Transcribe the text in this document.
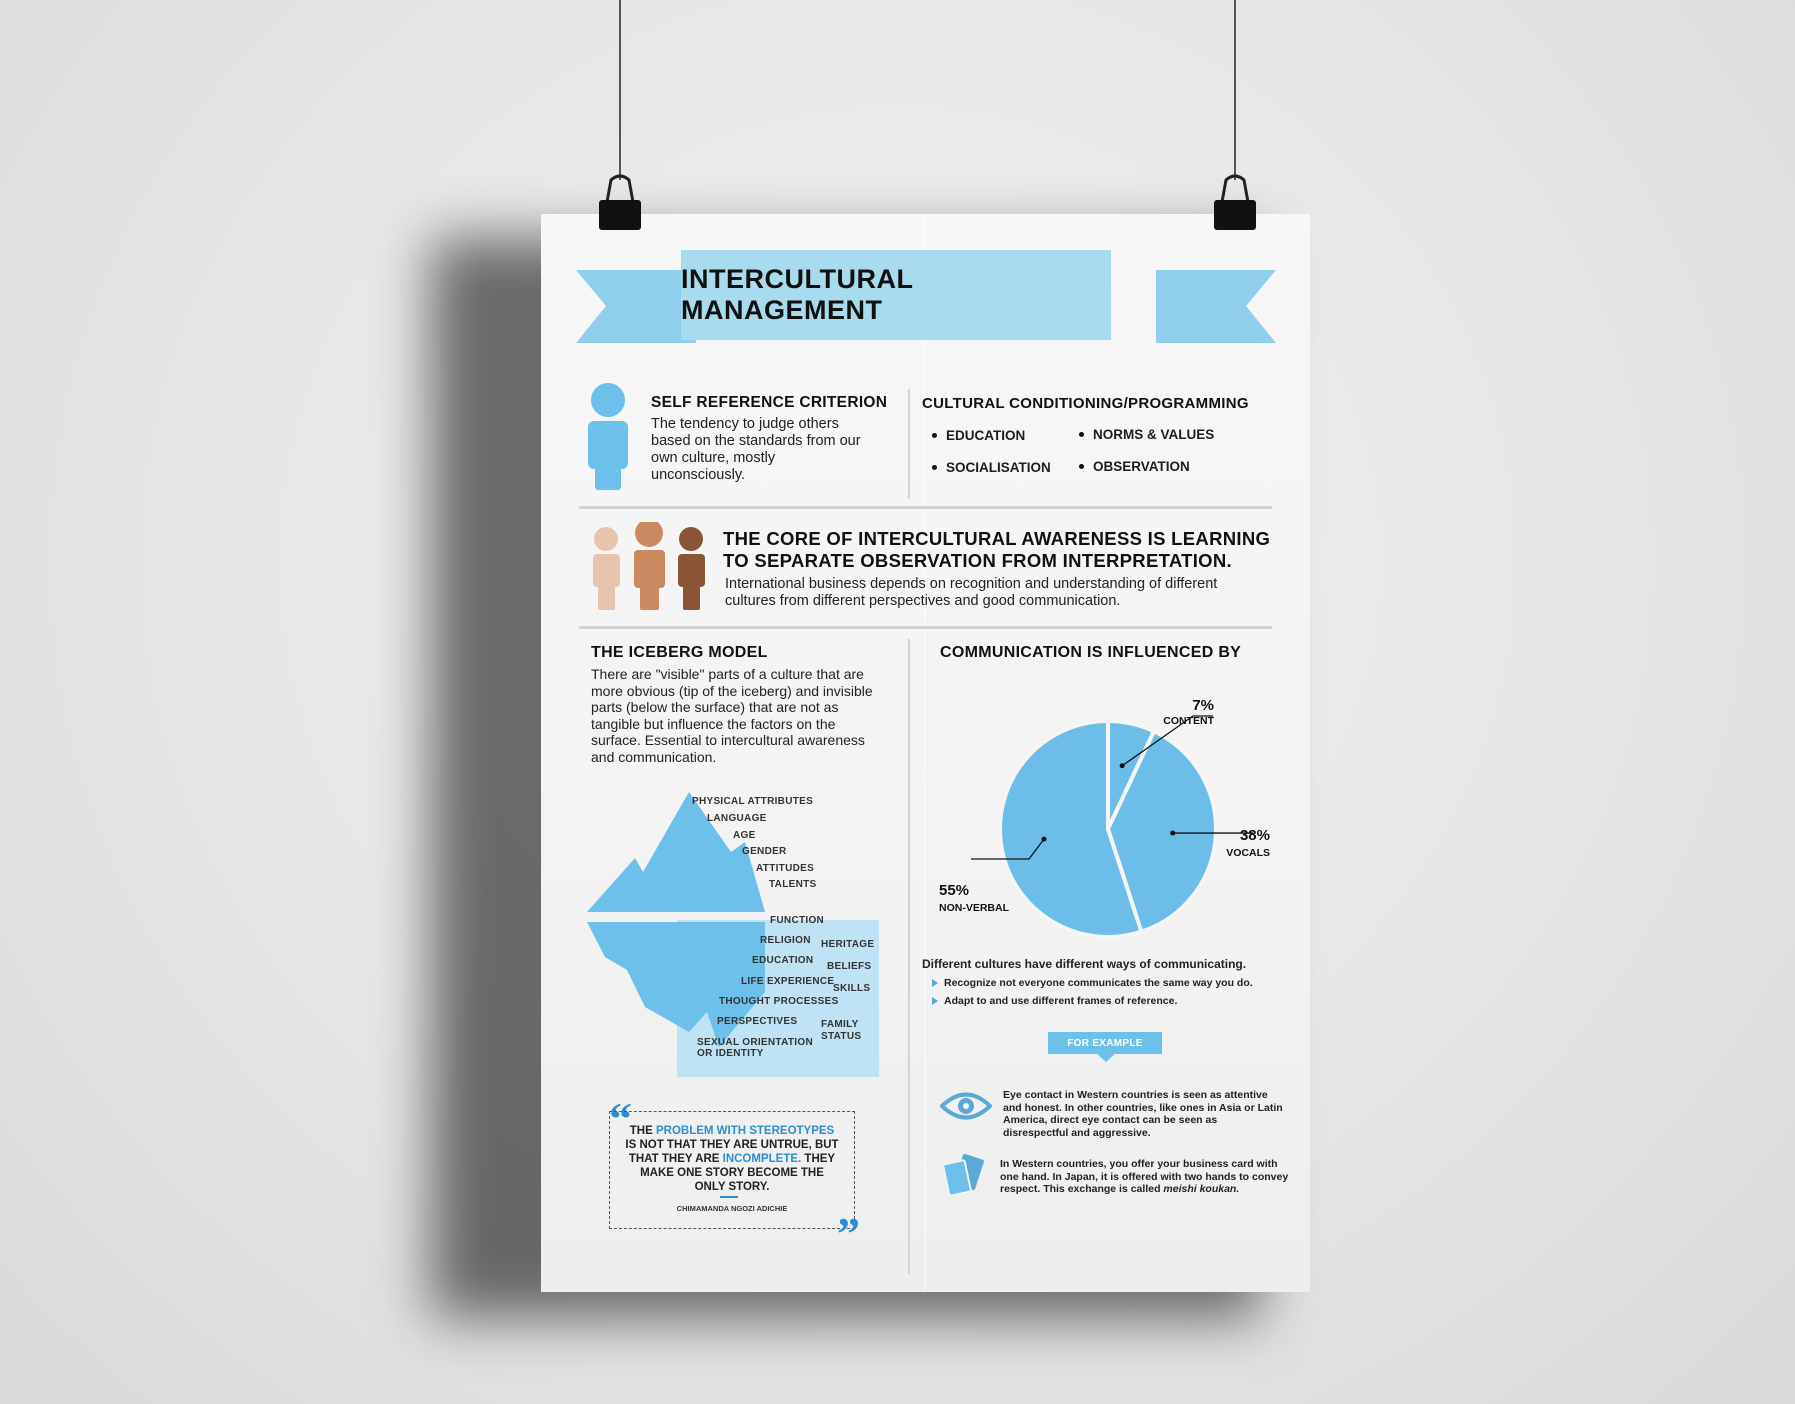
INTERCULTURAL MANAGEMENT
SELF REFERENCE CRITERION
The tendency to judge others based on the standards from our own culture, mostly unconsciously.
CULTURAL CONDITIONING/PROGRAMMING
EDUCATION	NORMS & VALUES
SOCIALISATION	OBSERVATION
THE CORE OF INTERCULTURAL AWARENESS IS LEARNING
TO SEPARATE OBSERVATION FROM INTERPRETATION.
International business depends on recognition and understanding of different cultures from different perspectives and good communication.
THE ICEBERG MODEL
There are "visible" parts of a culture that are more obvious (tip of the iceberg) and invisible parts (below the surface) that are not as tangible but influence the factors on the surface. Essential to intercultural awareness and communication.
PHYSICAL ATTRIBUTES
LANGUAGE
AGE
GENDER
ATTITUDES
TALENTS
FUNCTION
RELIGION HERITAGE
EDUCATION
BELIEFS
LIFE EXPERIENCE
SKILLS
THOUGHT PROCESSES
PERSPECTIVES FAMILY
STATUS
SEXUAL ORIENTATION
OR IDENTITY
“
THE PROBLEM WITH STEREOTYPES
IS NOT THAT THEY ARE UNTRUE, BUT
THAT THEY ARE INCOMPLETE. THEY
MAKE ONE STORY BECOME THE
ONLY STORY.
CHIMAMANDA NGOZI ADICHIE	”
COMMUNICATION IS INFLUENCED BY
7%
CONTENT
38%
VOCALS
55%
NON-VERBAL
Different cultures have different ways of communicating.
Recognize not everyone communicates the same way you do.
Adapt to and use different frames of reference.
FOR EXAMPLE
Eye contact in Western countries is seen as attentive and honest. In other countries, like ones in Asia or Latin America, direct eye contact can be seen as disrespectful and aggressive.
In Western countries, you offer your business card with one hand. In Japan, it is offered with two hands to convey respect. This exchange is called meishi koukan.
